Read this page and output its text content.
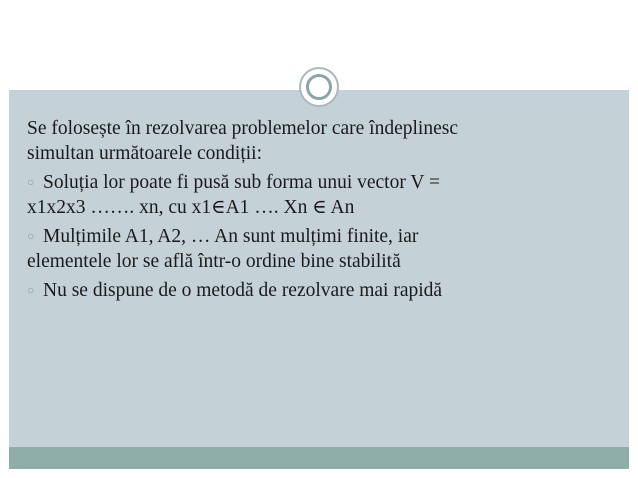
Se folosește în rezolvarea problemelor care îndeplinesc
simultan următoarele condiții:

○ Soluția lor poate fi pusă sub forma unui vector V =
x1x2x3 ……. xn, cu x1∈A1 …. Xn ∈ An

○ Mulțimile A1, A2, … An sunt mulțimi finite, iar
elementele lor se află într-o ordine bine stabilită

○ Nu se dispune de o metodă de rezolvare mai rapidă
